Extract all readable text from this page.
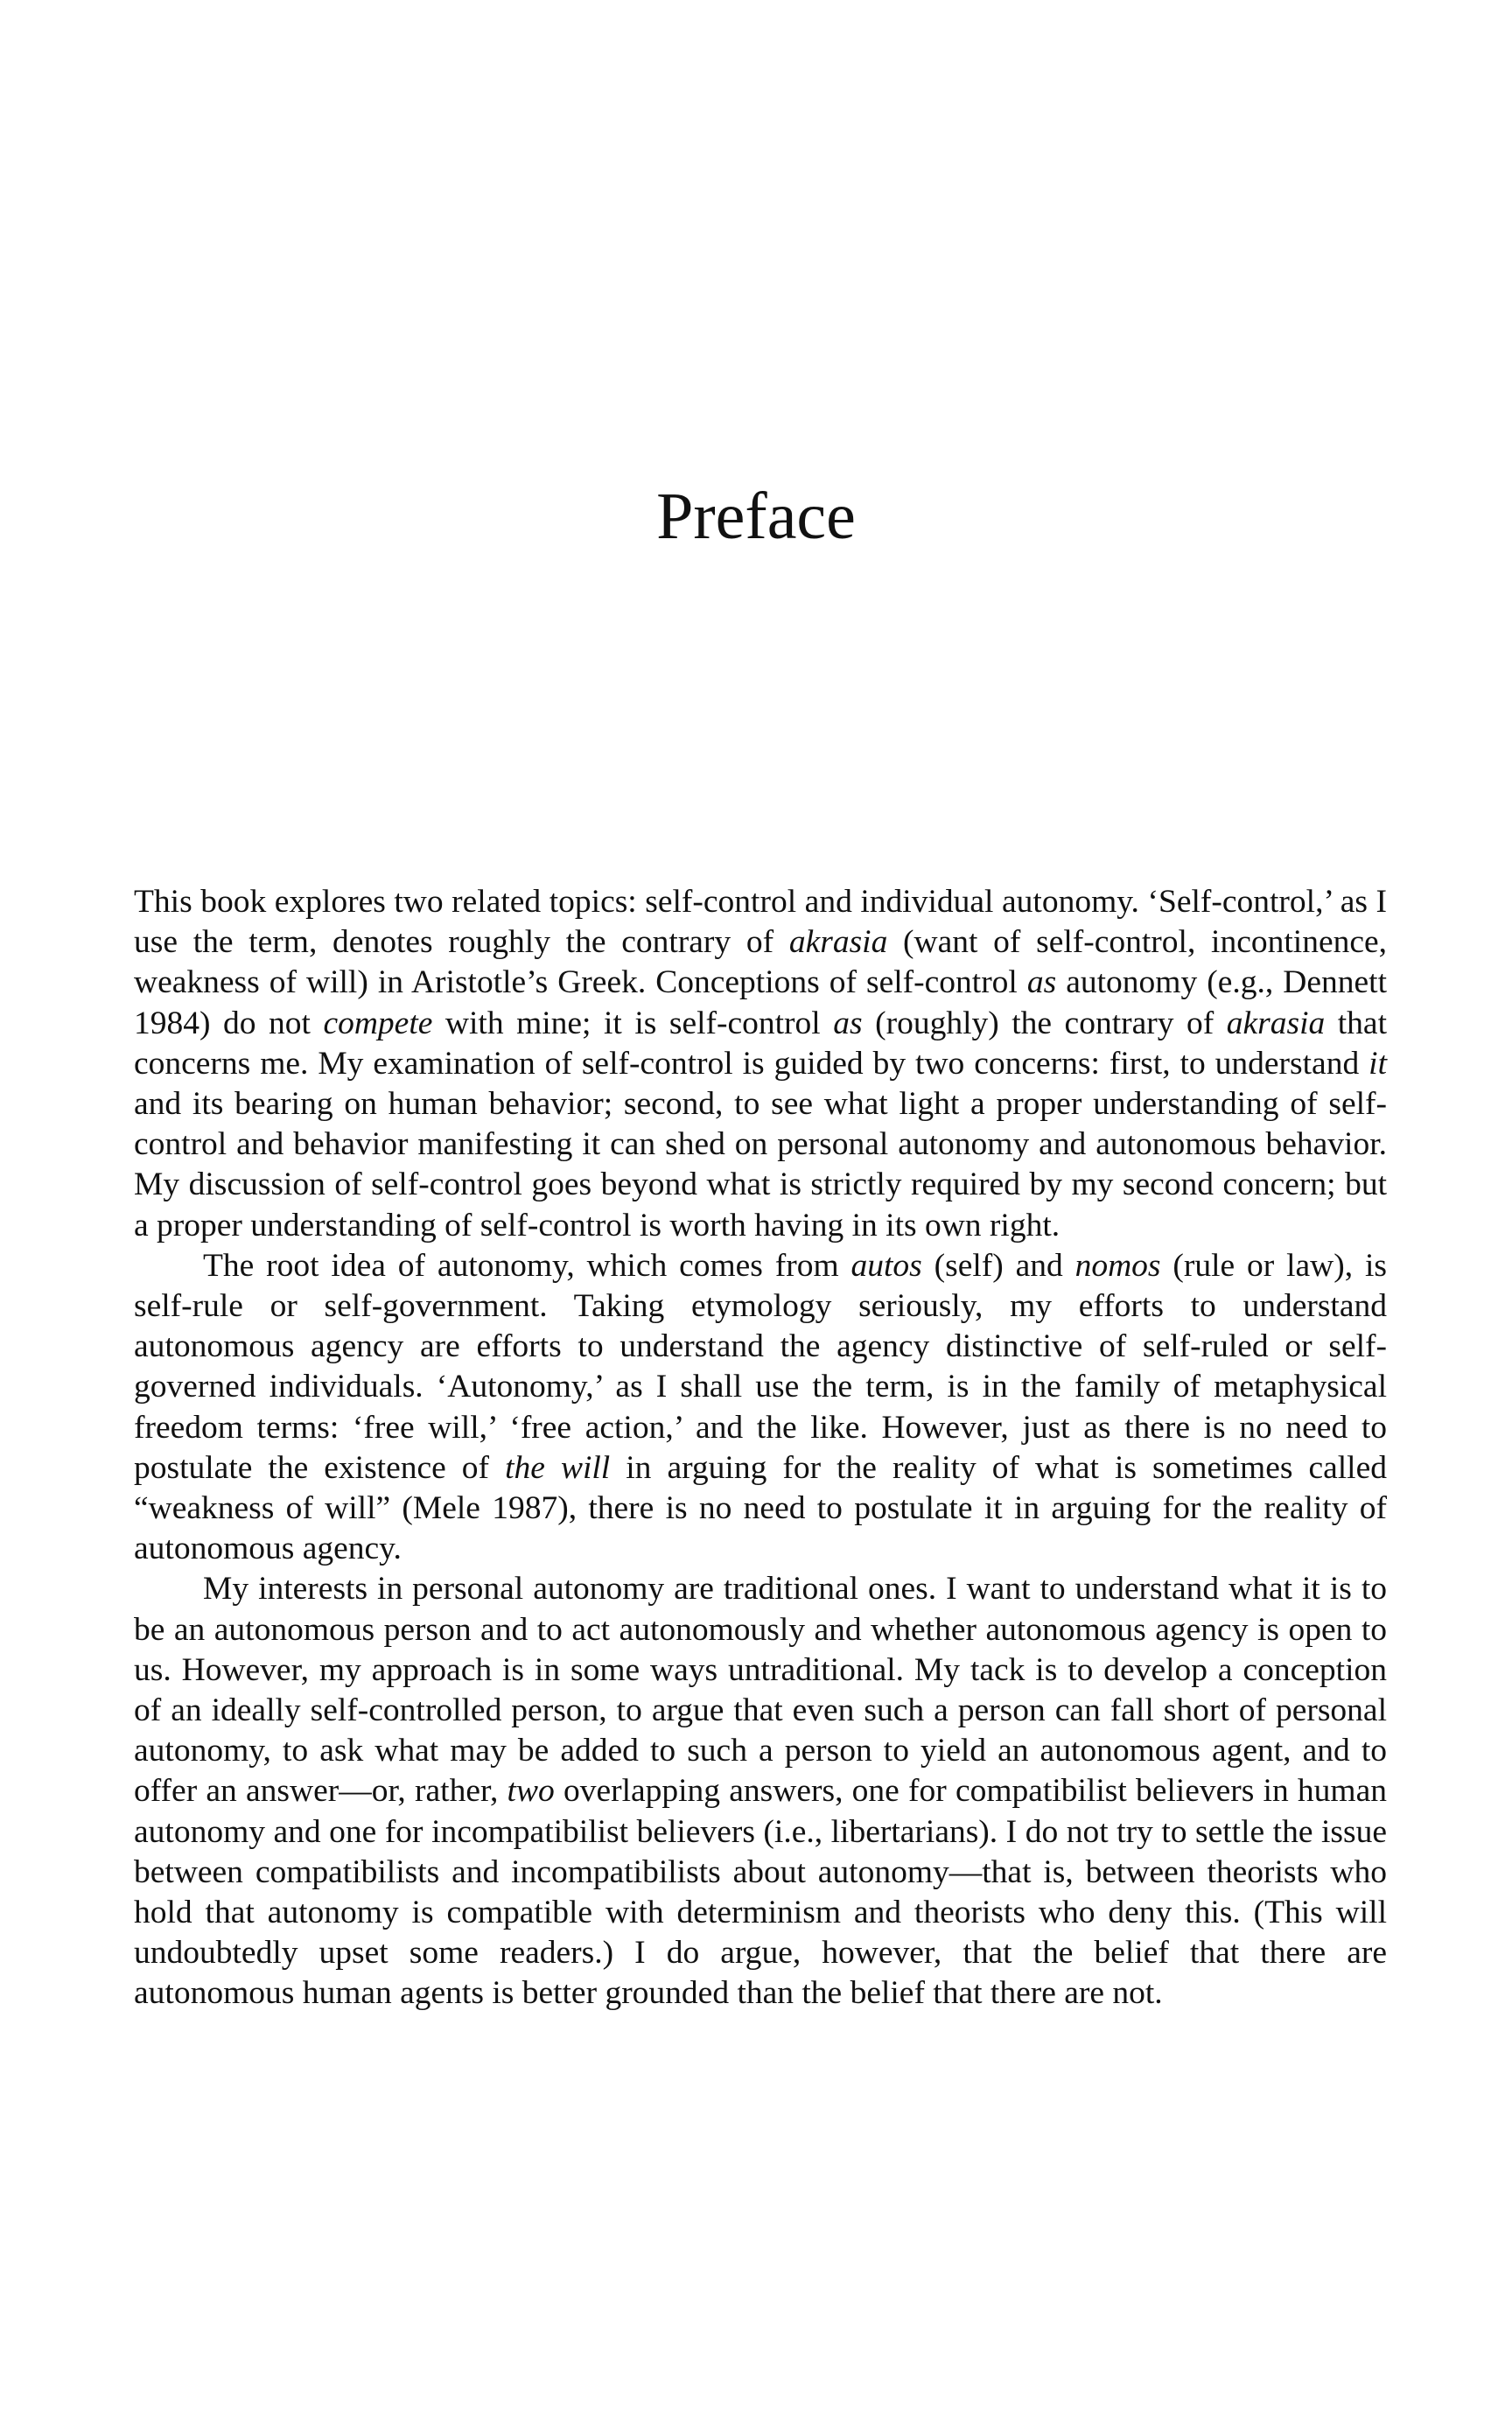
Preface

This book explores two related topics: self-control and individual autonomy. ‘Self-control,’ as I use the term, denotes roughly the contrary of akrasia (want of self-control, incontinence, weakness of will) in Aristotle’s Greek. Conceptions of self-control as autonomy (e.g., Dennett 1984) do not compete with mine; it is self-control as (roughly) the contrary of akrasia that concerns me. My examination of self-control is guided by two concerns: first, to understand it and its bearing on human behavior; second, to see what light a proper understanding of self-control and behavior manifesting it can shed on personal autonomy and autonomous behavior. My discussion of self-control goes beyond what is strictly required by my second concern; but a proper understanding of self-control is worth having in its own right.

The root idea of autonomy, which comes from autos (self) and nomos (rule or law), is self-rule or self-government. Taking etymology seriously, my efforts to understand autonomous agency are efforts to understand the agency distinctive of self-ruled or self-governed individuals. ‘Autonomy,’ as I shall use the term, is in the family of metaphysical freedom terms: ‘free will,’ ‘free action,’ and the like. However, just as there is no need to postulate the existence of the will in arguing for the reality of what is sometimes called “weakness of will” (Mele 1987), there is no need to postulate it in arguing for the reality of autonomous agency.

My interests in personal autonomy are traditional ones. I want to understand what it is to be an autonomous person and to act autonomously and whether autonomous agency is open to us. However, my approach is in some ways untraditional. My tack is to develop a conception of an ideally self-controlled person, to argue that even such a person can fall short of personal autonomy, to ask what may be added to such a person to yield an autonomous agent, and to offer an answer—or, rather, two overlapping answers, one for compatibilist believers in human autonomy and one for incompatibilist believers (i.e., libertarians). I do not try to settle the issue between compatibilists and incompatibilists about autonomy—that is, between theorists who hold that autonomy is compatible with determinism and theorists who deny this. (This will undoubtedly upset some readers.) I do argue, however, that the belief that there are autonomous human agents is better grounded than the belief that there are not.
